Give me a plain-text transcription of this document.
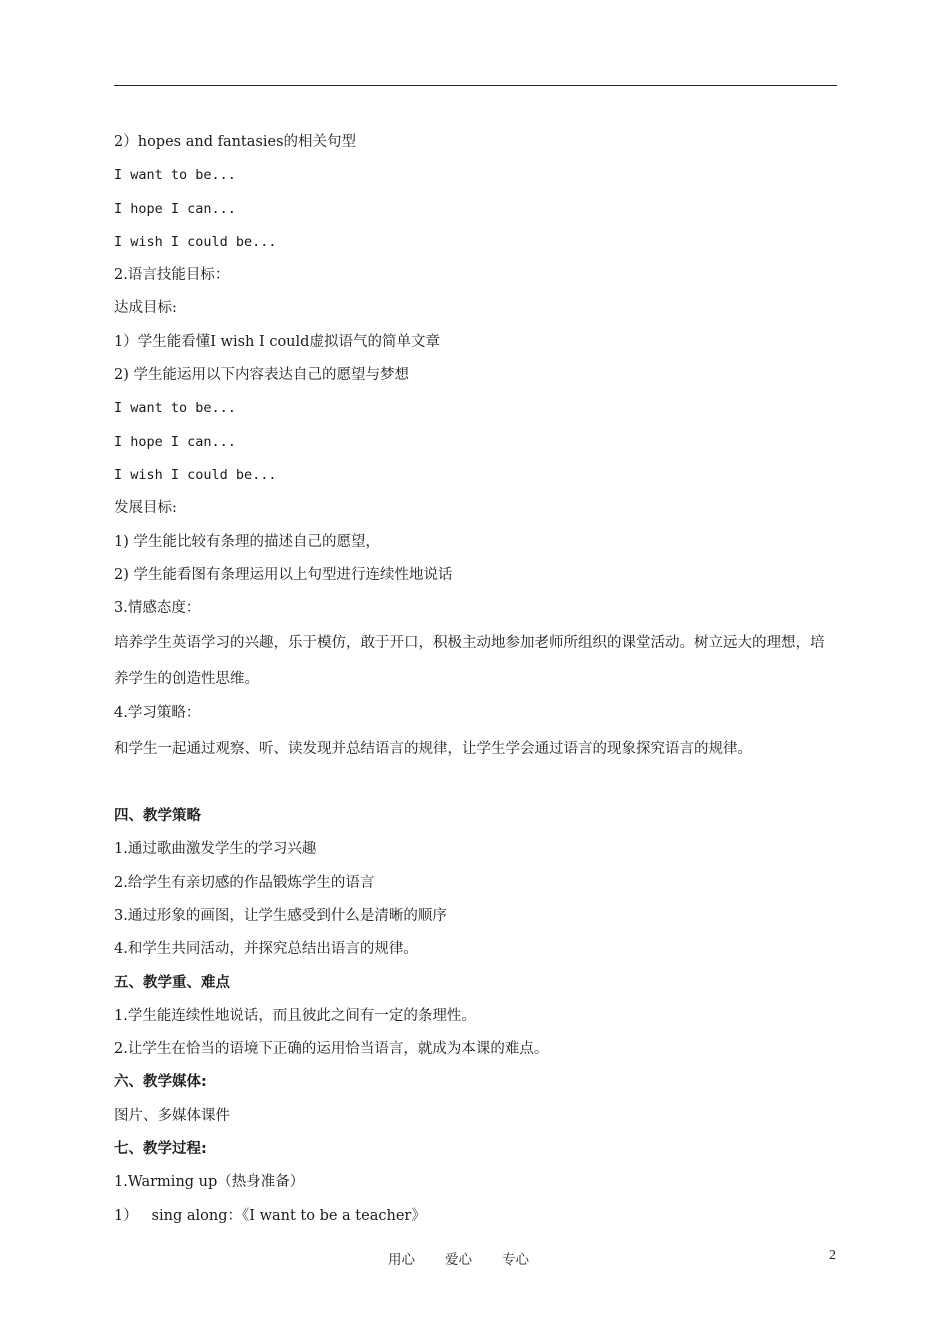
2）hopes and fantasies的相关句型
I want to be...
I hope I can...
I wish I could be...
2.语言技能目标：
达成目标:
1）学生能看懂I wish I could虚拟语气的简单文章
2) 学生能运用以下内容表达自己的愿望与梦想
I want to be...
I hope I can...
I wish I could be...
发展目标:
1) 学生能比较有条理的描述自己的愿望，
2) 学生能看图有条理运用以上句型进行连续性地说话
3.情感态度：
培养学生英语学习的兴趣，乐于模仿，敢于开口，积极主动地参加老师所组织的课堂活动。树立远大的理想，培养学生的创造性思维。
4.学习策略：
和学生一起通过观察、听、读发现并总结语言的规律，让学生学会通过语言的现象探究语言的规律。
四、教学策略
1.通过歌曲激发学生的学习兴趣
2.给学生有亲切感的作品锻炼学生的语言
3.通过形象的画图，让学生感受到什么是清晰的顺序
4.和学生共同活动，并探究总结出语言的规律。
五、教学重、难点
1.学生能连续性地说话，而且彼此之间有一定的条理性。
2.让学生在恰当的语境下正确的运用恰当语言，就成为本课的难点。
六、教学媒体:
图片、多媒体课件
七、教学过程:
1.Warming up（热身准备）
1）   sing along：《I want to be a teacher》
用心 爱心 专心	2
